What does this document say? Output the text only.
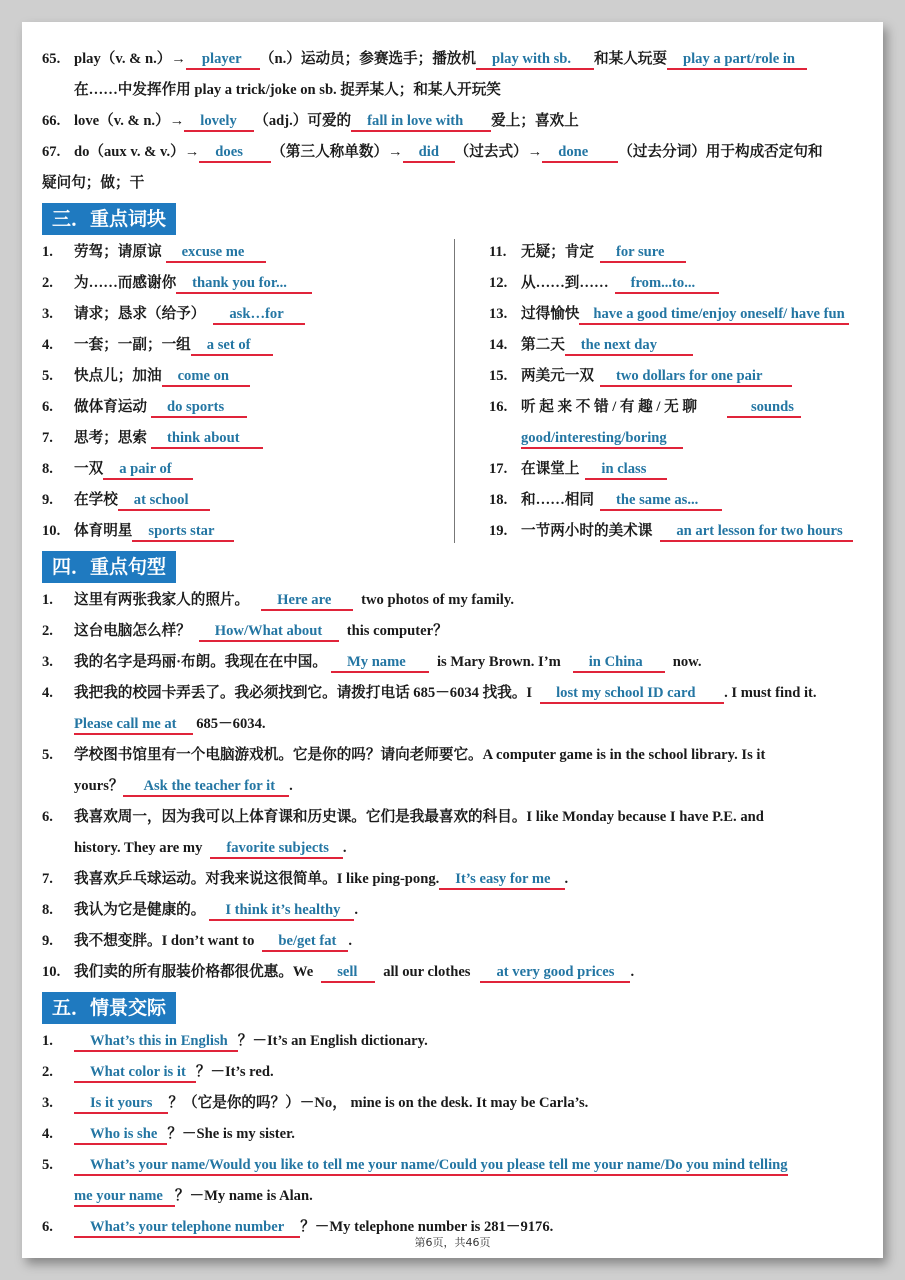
65. play（v. & n.）→ player （n.）运动员；参赛选手；播放机 play with sb. 和某人玩耍 play a part/role in
在……中发挥作用 play a trick/joke on sb. 捉弄某人；和某人开玩笑
66. love（v. & n.）→ lovely （adj.）可爱的 fall in love with 爱上；喜欢上
67. do（aux v. & v.）→ does （第三人称单数）→ did （过去式）→ done （过去分词）用于构成否定句和
疑问句；做；干
三．重点词块
1.	劳驾；请原谅 excuse me
2.	为……而感谢你 thank you for...
3.	请求；恳求（给予） ask…for
4.	一套；一副；一组 a set of
5.	快点儿；加油 come on
6.	做体育运动 do sports
7.	思考；思索 think about
8.	一双 a pair of
9.	在学校 at school
10. 体育明星 sports star
11. 无疑；肯定 for sure
12. 从……到…… from...to...
13. 过得愉快 have a good time/enjoy oneself/ have fun
14. 第二天 the next day
15. 两美元一双 two dollars for one pair
16. 听 起 来 不 错 / 有 趣 / 无 聊	sounds
good/interesting/boring
17. 在课堂上 in class
18. 和……相同 the same as...
19. 一节两小时的美术课 an art lesson for two hours
四．重点句型
1.	这里有两张我家人的照片。 Here are two photos of my family.
2.	这台电脑怎么样？ How/What about this computer？
3.	我的名字是玛丽·布朗。我现在在中国。 My name is Mary Brown. I’m in China now.
4.	我把我的校园卡弄丢了。我必须找到它。请拨打电话 685－6034 找我。I lost my school ID card . I must find it.
Please call me at 685－6034.
5.	学校图书馆里有一个电脑游戏机。它是你的吗？请向老师要它。A computer game is in the school library. Is it
yours？ Ask the teacher for it .
6.	我喜欢周一，因为我可以上体育课和历史课。它们是我最喜欢的科目。I like Monday because I have P.E. and
history. They are my favorite subjects .
7.	我喜欢乒乓球运动。对我来说这很简单。I like ping-pong. It’s easy for me .
8.	我认为它是健康的。 I think it’s healthy .
9.	我不想变胖。I don’t want to be/get fat .
10. 我们卖的所有服装价格都很优惠。We sell all our clothes at very good prices .
五．情景交际
1.	What’s this in English ？－It’s an English dictionary.
2.	What color is it ？－It’s red.
3.	Is it yours ？（它是你的吗？）－No， mine is on the desk. It may be Carla’s.
4.	Who is she ？－She is my sister.
5.	What’s your name/Would you like to tell me your name/Could you please tell me your name/Do you mind telling
me your name ？－My name is Alan.
6.	What’s your telephone number ？－My telephone number is 281－9176.
第6页，共46页
